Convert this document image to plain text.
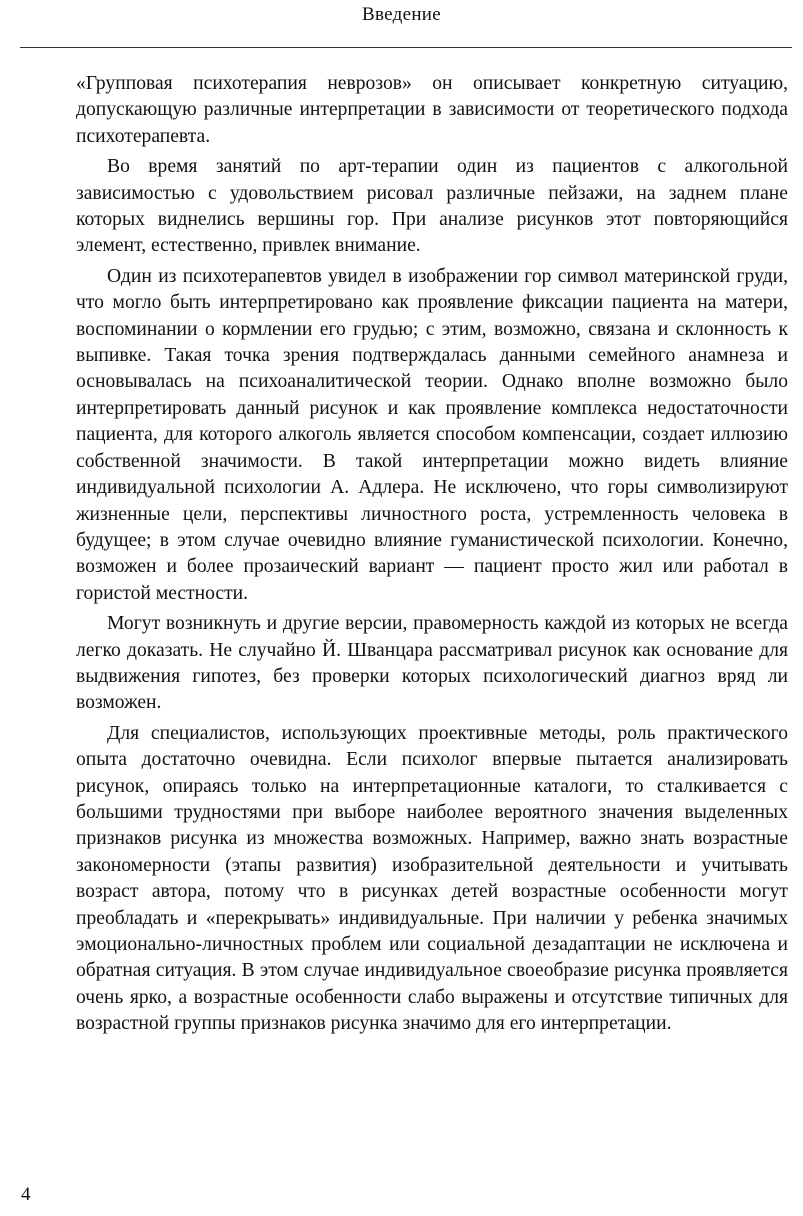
Введение

«Групповая психотерапия неврозов» он описывает конкретную ситуацию, допускающую различные интерпретации в зависимости от теоретического подхода психотерапевта.

Во время занятий по арт-терапии один из пациентов с алкогольной зависимостью с удовольствием рисовал различные пейзажи, на заднем плане которых виднелись вершины гор. При анализе рисунков этот повторяющийся элемент, естественно, привлек внимание.

Один из психотерапевтов увидел в изображении гор символ материнской груди, что могло быть интерпретировано как проявление фиксации пациента на матери, воспоминании о кормлении его грудью; с этим, возможно, связана и склонность к выпивке. Такая точка зрения подтверждалась данными семейного анамнеза и основывалась на психоаналитической теории. Однако вполне возможно было интерпретировать данный рисунок и как проявление комплекса недостаточности пациента, для которого алкоголь является способом компенсации, создает иллюзию собственной значимости. В такой интерпретации можно видеть влияние индивидуальной психологии А. Адлера. Не исключено, что горы символизируют жизненные цели, перспективы личностного роста, устремленность человека в будущее; в этом случае очевидно влияние гуманистической психологии. Конечно, возможен и более прозаический вариант — пациент просто жил или работал в гористой местности.

Могут возникнуть и другие версии, правомерность каждой из которых не всегда легко доказать. Не случайно Й. Шванцара рассматривал рисунок как основание для выдвижения гипотез, без проверки которых психологический диагноз вряд ли возможен.

Для специалистов, использующих проективные методы, роль практического опыта достаточно очевидна. Если психолог впервые пытается анализировать рисунок, опираясь только на интерпретационные каталоги, то сталкивается с большими трудностями при выборе наиболее вероятного значения выделенных признаков рисунка из множества возможных. Например, важно знать возрастные закономерности (этапы развития) изобразительной деятельности и учитывать возраст автора, потому что в рисунках детей возрастные особенности могут преобладать и «перекрывать» индивидуальные. При наличии у ребенка значимых эмоционально-личностных проблем или социальной дезадаптации не исключена и обратная ситуация. В этом случае индивидуальное своеобразие рисунка проявляется очень ярко, а возрастные особенности слабо выражены и отсутствие типичных для возрастной группы признаков рисунка значимо для его интерпретации.

4
